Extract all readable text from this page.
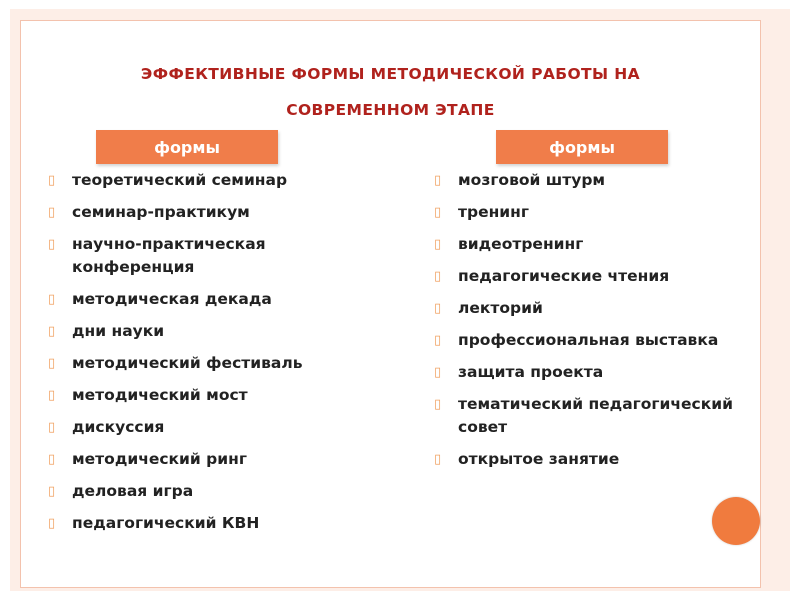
ЭФФЕКТИВНЫЕ ФОРМЫ МЕТОДИЧЕСКОЙ РАБОТЫ НА
СОВРЕМЕННОМ ЭТАПЕ
формы	формы
▯ теоретический семинар
▯ семинар-практикум
▯ научно-практическая конференция
▯ методическая декада
▯ дни науки
▯ методический фестиваль
▯ методический мост
▯ дискуссия
▯ методический ринг
▯ деловая игра
▯ педагогический КВН
▯ мозговой штурм
▯ тренинг
▯ видеотренинг
▯ педагогические чтения
▯ лекторий
▯ профессиональная выставка
▯ защита проекта
▯ тематический педагогический совет
▯ открытое занятие
